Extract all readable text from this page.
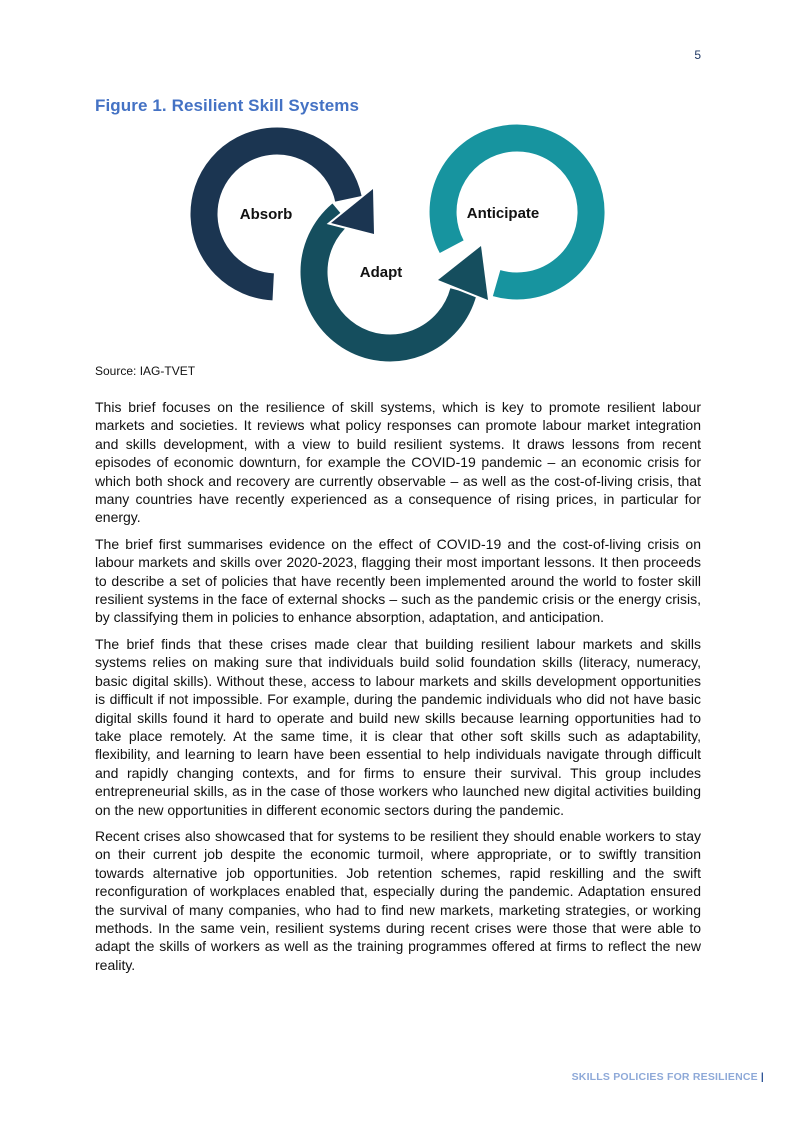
5
Figure 1. Resilient Skill Systems
Absorb
Adapt
Anticipate
Source: IAG-TVET

This brief focuses on the resilience of skill systems, which is key to promote resilient labour markets and societies. It reviews what policy responses can promote labour market integration and skills development, with a view to build resilient systems. It draws lessons from recent episodes of economic downturn, for example the COVID-19 pandemic – an economic crisis for which both shock and recovery are currently observable – as well as the cost-of-living crisis, that many countries have recently experienced as a consequence of rising prices, in particular for energy.

The brief first summarises evidence on the effect of COVID-19 and the cost-of-living crisis on labour markets and skills over 2020-2023, flagging their most important lessons. It then proceeds to describe a set of policies that have recently been implemented around the world to foster skill resilient systems in the face of external shocks – such as the pandemic crisis or the energy crisis, by classifying them in policies to enhance absorption, adaptation, and anticipation.

The brief finds that these crises made clear that building resilient labour markets and skills systems relies on making sure that individuals build solid foundation skills (literacy, numeracy, basic digital skills). Without these, access to labour markets and skills development opportunities is difficult if not impossible. For example, during the pandemic individuals who did not have basic digital skills found it hard to operate and build new skills because learning opportunities had to take place remotely. At the same time, it is clear that other soft skills such as adaptability, flexibility, and learning to learn have been essential to help individuals navigate through difficult and rapidly changing contexts, and for firms to ensure their survival. This group includes entrepreneurial skills, as in the case of those workers who launched new digital activities building on the new opportunities in different economic sectors during the pandemic.

Recent crises also showcased that for systems to be resilient they should enable workers to stay on their current job despite the economic turmoil, where appropriate, or to swiftly transition towards alternative job opportunities. Job retention schemes, rapid reskilling and the swift reconfiguration of workplaces enabled that, especially during the pandemic. Adaptation ensured the survival of many companies, who had to find new markets, marketing strategies, or working methods. In the same vein, resilient systems during recent crises were those that were able to adapt the skills of workers as well as the training programmes offered at firms to reflect the new reality.

SKILLS POLICIES FOR RESILIENCE |
